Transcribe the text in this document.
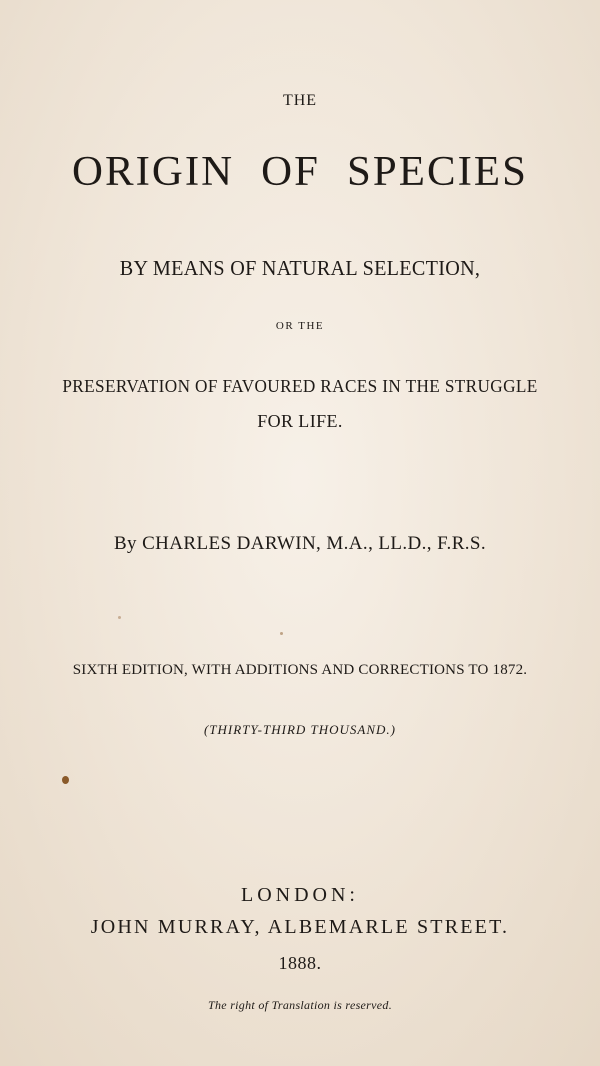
THE
ORIGIN OF SPECIES
BY MEANS OF NATURAL SELECTION,
OR THE
PRESERVATION OF FAVOURED RACES IN THE STRUGGLE
FOR LIFE.
By CHARLES DARWIN, M.A., LL.D., F.R.S.
SIXTH EDITION, WITH ADDITIONS AND CORRECTIONS TO 1872.
(THIRTY-THIRD THOUSAND.)
LONDON:
JOHN MURRAY, ALBEMARLE STREET.
1888.
The right of Translation is reserved.
